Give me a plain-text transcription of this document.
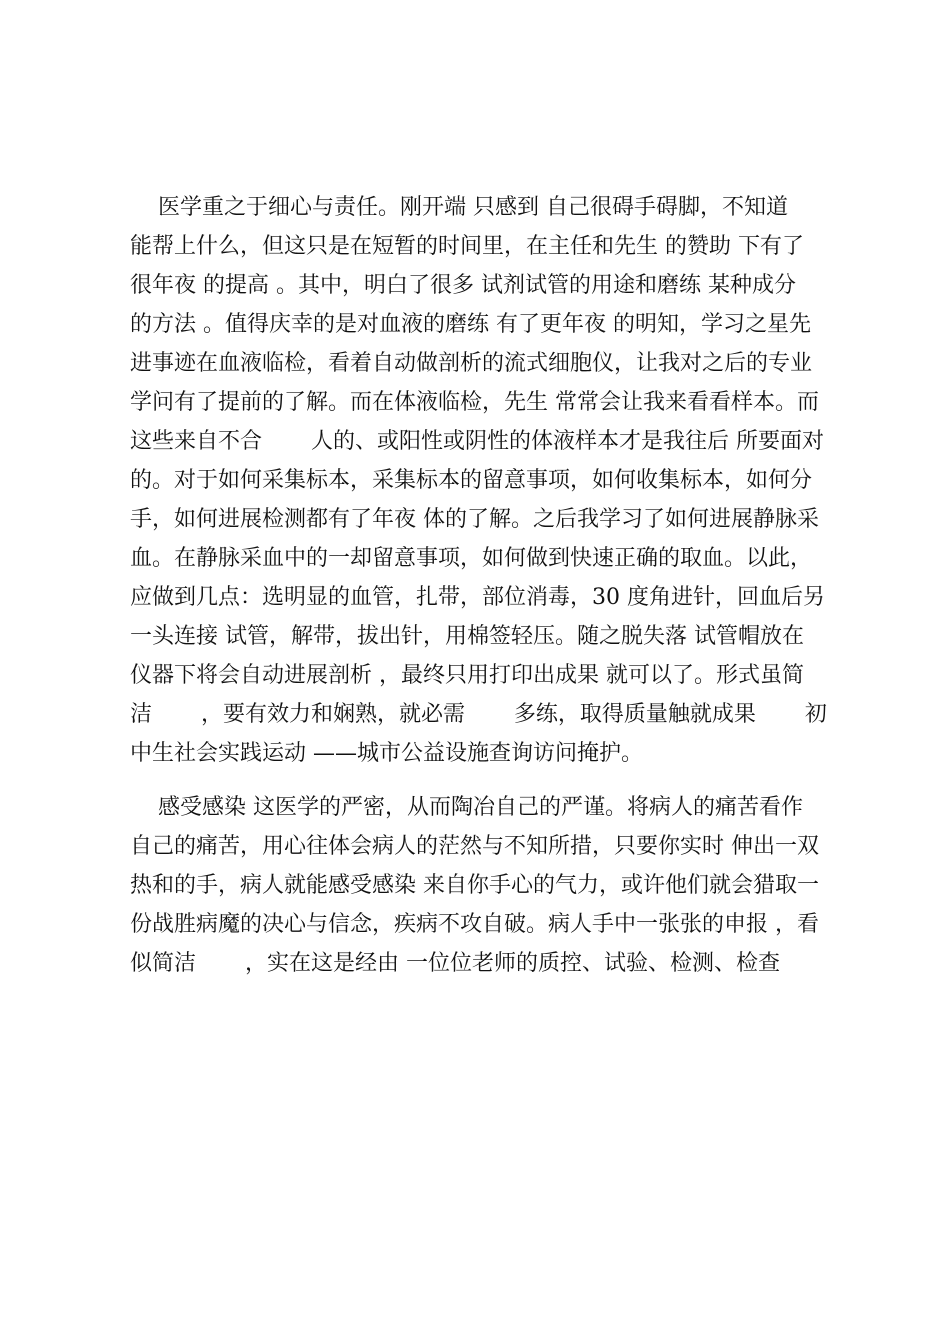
医学重之于细心与责任。刚开端 只感到 自己很碍手碍脚，不知道
能帮上什么，但这只是在短暂的时间里，在主任和先生 的赞助 下有了
很年夜 的提高 。其中，明白了很多 试剂试管的用途和磨练 某种成分
的方法 。值得庆幸的是对血液的磨练 有了更年夜 的明知，学习之星先
进事迹在血液临检，看着自动做剖析的流式细胞仪，让我对之后的专业
学问有了提前的了解。而在体液临检，先生 常常会让我来看看样本。而
这些来自不合       人的、或阳性或阴性的体液样本才是我往后 所要面对
的。对于如何采集标本，采集标本的留意事项，如何收集标本，如何分
手，如何进展检测都有了年夜 体的了解。之后我学习了如何进展静脉采
血。在静脉采血中的一却留意事项，如何做到快速正确的取血。以此，
应做到几点：选明显的血管，扎带，部位消毒，30 度角进针，回血后另
一头连接 试管，解带，拔出针，用棉签轻压。随之脱失落 试管帽放在
仪器下将会自动进展剖析 ，最终只用打印出成果 就可以了。形式虽简
洁       ，要有效力和娴熟，就必需       多练，取得质量触就成果       初
中生社会实践运动 ——城市公益设施查询访问掩护。
感受感染 这医学的严密，从而陶冶自己的严谨。将病人的痛苦看作
自己的痛苦，用心往体会病人的茫然与不知所措，只要你实时 伸出一双
热和的手，病人就能感受感染 来自你手心的气力，或许他们就会猎取一
份战胜病魔的决心与信念，疾病不攻自破。病人手中一张张的申报 ，看
似简洁       ，实在这是经由 一位位老师的质控、试验、检测、检查
